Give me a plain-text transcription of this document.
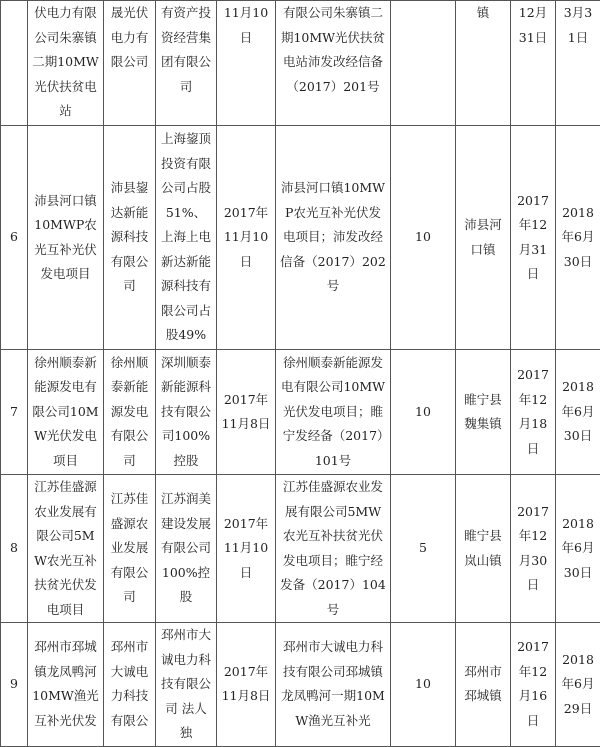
	伏电力有限公司朱寨镇二期10MW光伏扶贫电站	晟光伏电力有限公司	有资产投资经营集团有限公司	11月10日	有限公司朱寨镇二期10MW光伏扶贫电站沛发改经信备（2017）201号		镇	12月31日	3月31日

6	沛县河口镇10MWP农光互补光伏发电项目	沛县鋆达新能源科技有限公司	上海鋆顶投资有限公司占股51%、上海上电新达新能源科技有限公司占股49%	2017年11月10日	沛县河口镇10MWP农光互补光伏发电项目；沛发改经信备（2017）202号	10	沛县河口镇	2017年12月31日	2018年6月30日

7	徐州顺泰新能源发电有限公司10MW光伏发电项目	徐州顺泰新能源发电有限公司	深圳顺泰新能源科技有限公司100%控股	2017年11月8日	徐州顺泰新能源发电有限公司10MW光伏发电项目；睢宁发经备（2017）101号	10	睢宁县魏集镇	2017年12月18日	2018年6月30日

8	江苏佳盛源农业发展有限公司5MW农光互补扶贫光伏发电项目	江苏佳盛源农业发展有限公司	江苏润美建设发展有限公司100%控股	2017年11月10日	江苏佳盛源农业发展有限公司5MW农光互补扶贫光伏发电项目；睢宁经发备（2017）104号	5	睢宁县岚山镇	2017年12月30日	2018年6月30日

9	邳州市邳城镇龙凤鸭河10MW渔光互补光伏发	邳州市大诚电力科技有限公	邳州市大诚电力科技有限公司 法人独	2017年11月8日	邳州市大诚电力科技有限公司邳城镇龙凤鸭河一期10MW渔光互补光	10	邳州市邳城镇	2017年12月16日	2018年6月29日
